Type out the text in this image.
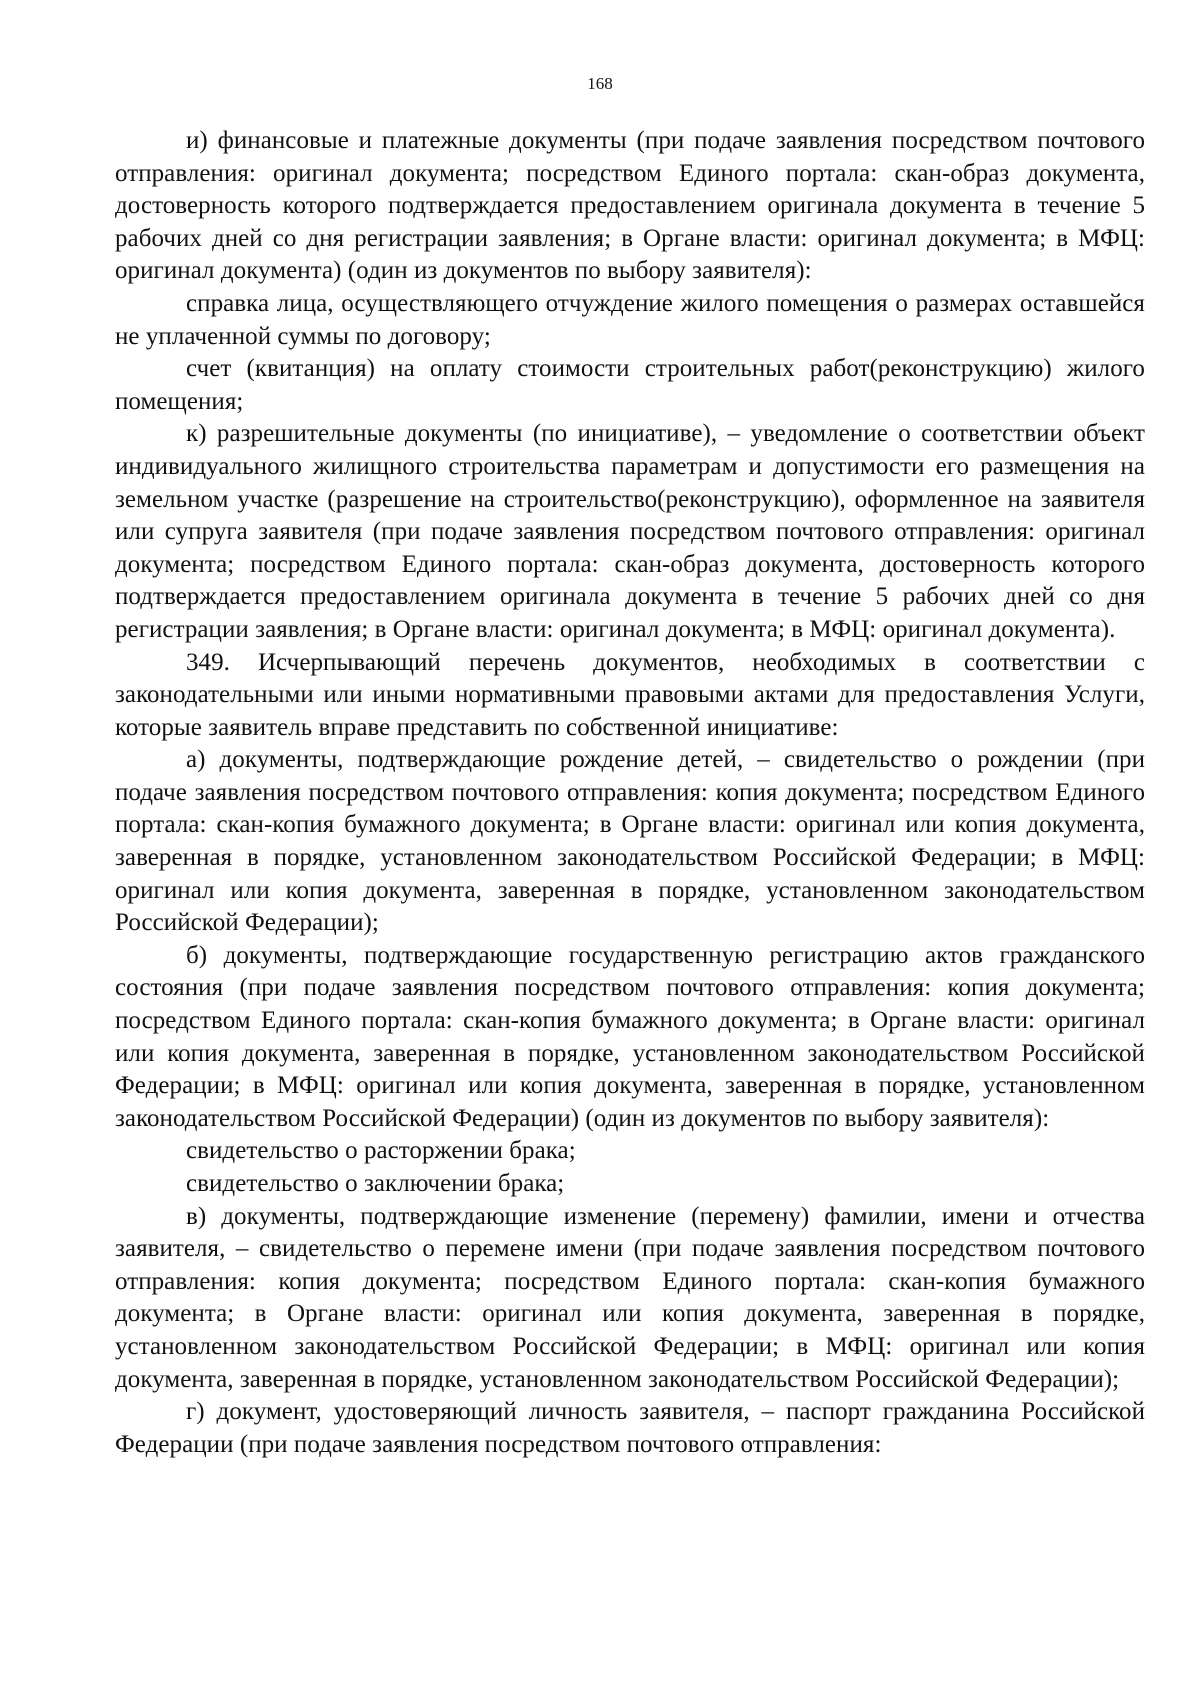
168

и) финансовые и платежные документы (при подаче заявления посредством почтового отправления: оригинал документа; посредством Единого портала: скан-образ документа, достоверность которого подтверждается предоставлением оригинала документа в течение 5 рабочих дней со дня регистрации заявления; в Органе власти: оригинал документа; в МФЦ: оригинал документа) (один из документов по выбору заявителя):

справка лица, осуществляющего отчуждение жилого помещения о размерах оставшейся не уплаченной суммы по договору;

счет (квитанция) на оплату стоимости строительных работ(реконструкцию) жилого помещения;

к) разрешительные документы (по инициативе), – уведомление о соответствии объект индивидуального жилищного строительства параметрам и допустимости его размещения на земельном участке (разрешение на строительство(реконструкцию), оформленное на заявителя или супруга заявителя (при подаче заявления посредством почтового отправления: оригинал документа; посредством Единого портала: скан-образ документа, достоверность которого подтверждается предоставлением оригинала документа в течение 5 рабочих дней со дня регистрации заявления; в Органе власти: оригинал документа; в МФЦ: оригинал документа).

349. Исчерпывающий перечень документов, необходимых в соответствии с законодательными или иными нормативными правовыми актами для предоставления Услуги, которые заявитель вправе представить по собственной инициативе:

а) документы, подтверждающие рождение детей, – свидетельство о рождении (при подаче заявления посредством почтового отправления: копия документа; посредством Единого портала: скан-копия бумажного документа; в Органе власти: оригинал или копия документа, заверенная в порядке, установленном законодательством Российской Федерации; в МФЦ: оригинал или копия документа, заверенная в порядке, установленном законодательством Российской Федерации);

б) документы, подтверждающие государственную регистрацию актов гражданского состояния (при подаче заявления посредством почтового отправления: копия документа; посредством Единого портала: скан-копия бумажного документа; в Органе власти: оригинал или копия документа, заверенная в порядке, установленном законодательством Российской Федерации; в МФЦ: оригинал или копия документа, заверенная в порядке, установленном законодательством Российской Федерации) (один из документов по выбору заявителя):

свидетельство о расторжении брака;

свидетельство о заключении брака;

в) документы, подтверждающие изменение (перемену) фамилии, имени и отчества заявителя, – свидетельство о перемене имени (при подаче заявления посредством почтового отправления: копия документа; посредством Единого портала: скан-копия бумажного документа; в Органе власти: оригинал или копия документа, заверенная в порядке, установленном законодательством Российской Федерации; в МФЦ: оригинал или копия документа, заверенная в порядке, установленном законодательством Российской Федерации);

г) документ, удостоверяющий личность заявителя, – паспорт гражданина Российской Федерации (при подаче заявления посредством почтового отправления:
